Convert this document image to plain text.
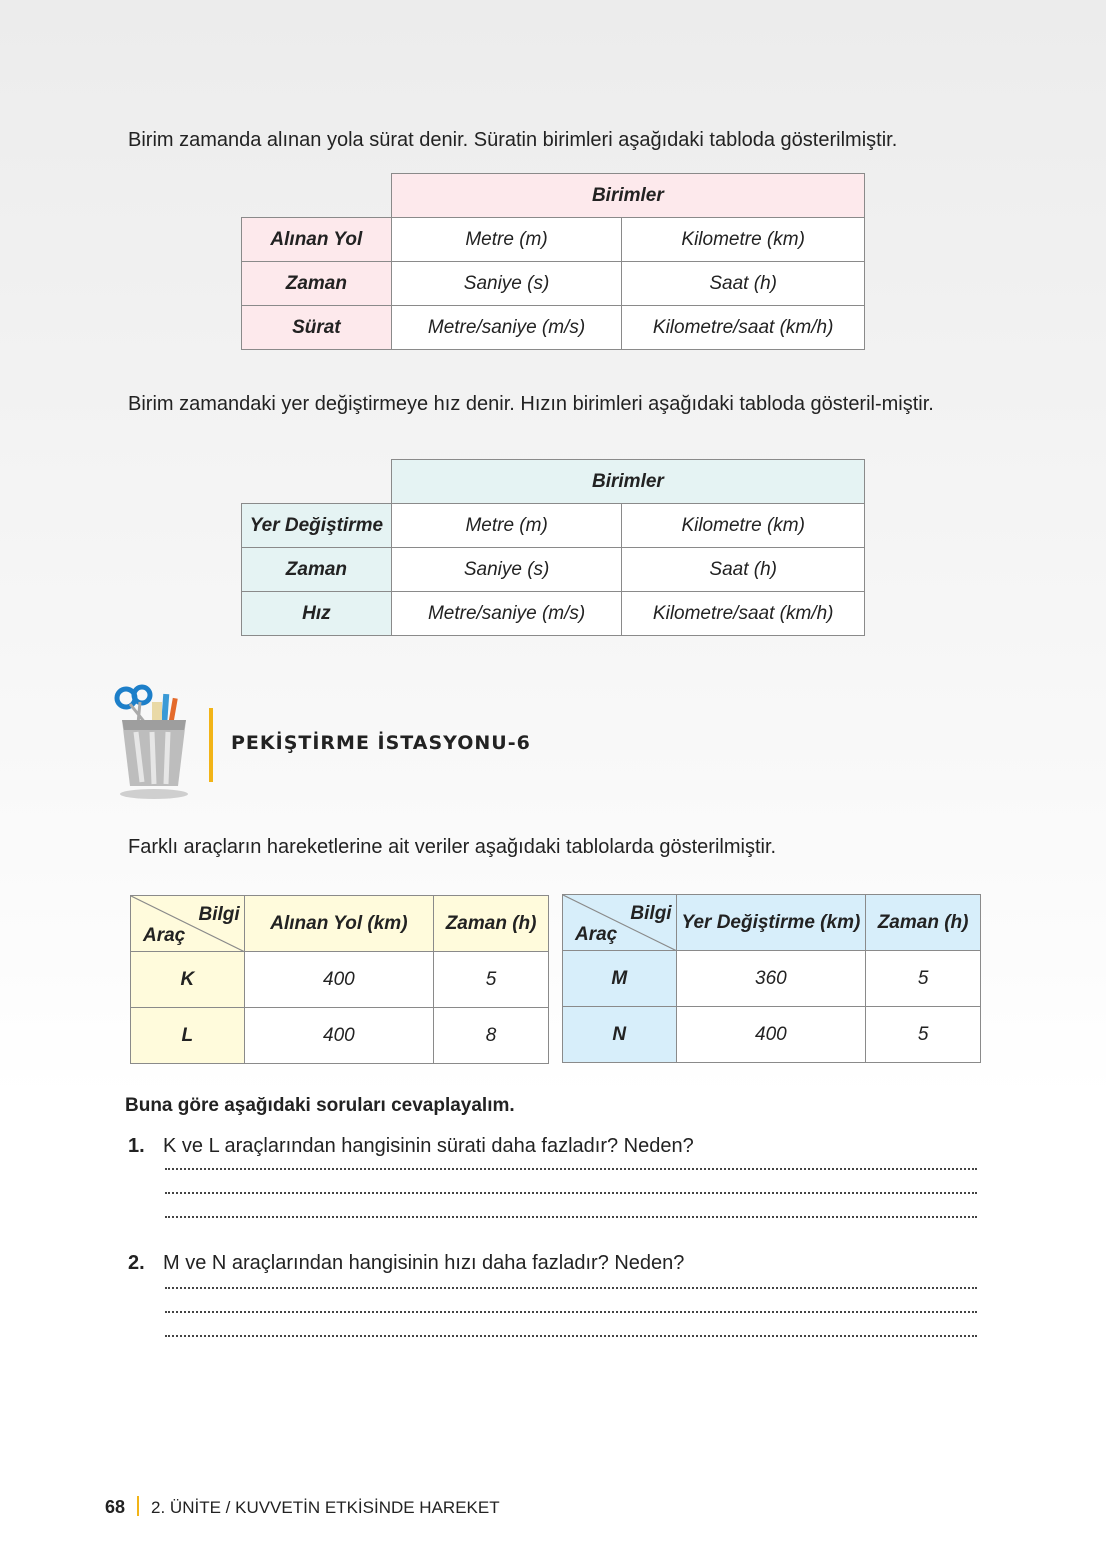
Birim zamanda alınan yola sürat denir. Süratin birimleri aşağıdaki tabloda gösterilmiştir.

	Birimler	
Alınan Yol	Metre (m)	Kilometre (km)
Zaman	Saniye (s)	Saat (h)
Sürat	Metre/saniye (m/s)	Kilometre/saat (km/h)

Birim zamandaki yer değiştirmeye hız denir. Hızın birimleri aşağıdaki tabloda gösteril-miştir.

	Birimler	
Yer Değiştirme	Metre (m)	Kilometre (km)
Zaman	Saniye (s)	Saat (h)
Hız	Metre/saniye (m/s)	Kilometre/saat (km/h)
PEKİŞTİRME İSTASYONU-6

Farklı araçların hareketlerine ait veriler aşağıdaki tablolarda gösterilmiştir.

Bilgi
Araç	Alınan Yol (km)	Zaman (h)
K	400	5
L	400	8
Bilgi
Araç	Yer Değiştirme (km)	Zaman (h)
M	360	5
N	400	5
Buna göre aşağıdaki soruları cevaplayalım.
1. K ve L araçlarından hangisinin sürati daha fazladır? Neden?
2. M ve N araçlarından hangisinin hızı daha fazladır? Neden?
68 2. ÜNİTE / KUVVETİN ETKİSİNDE HAREKET
